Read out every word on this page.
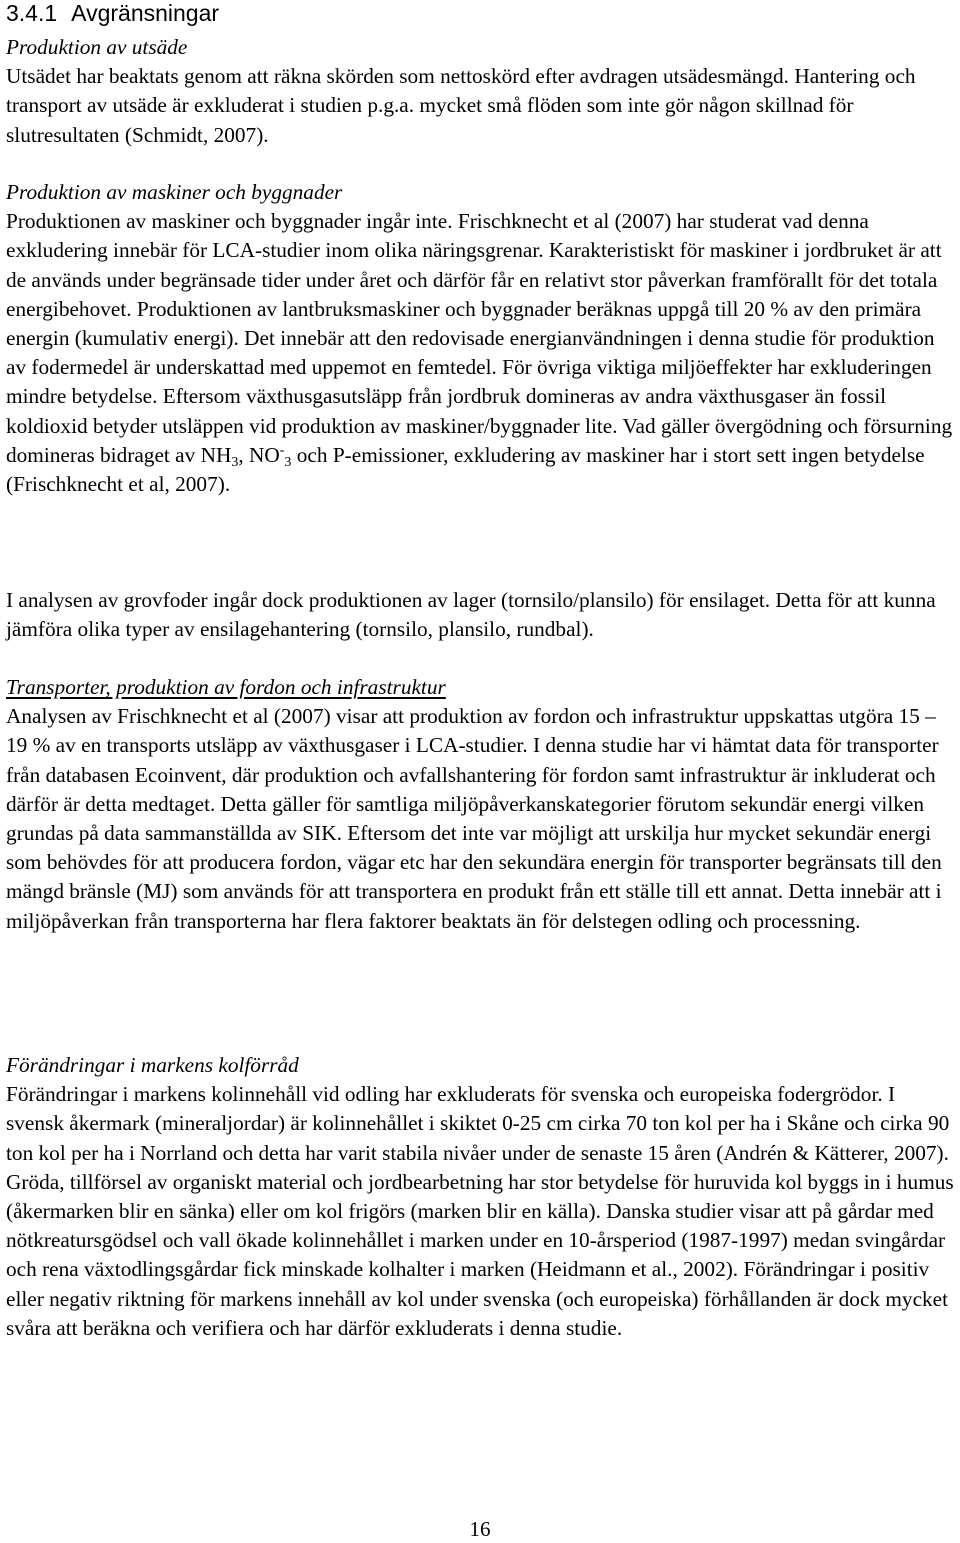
3.4.1 Avgränsningar
Produktion av utsäde

Utsädet har beaktats genom att räkna skörden som nettoskörd efter avdragen utsädesmängd. Hantering och transport av utsäde är exkluderat i studien p.g.a. mycket små flöden som inte gör någon skillnad för slutresultaten (Schmidt, 2007).

Produktion av maskiner och byggnader

Produktionen av maskiner och byggnader ingår inte. Frischknecht et al (2007) har studerat vad denna exkludering innebär för LCA-studier inom olika näringsgrenar. Karakteristiskt för maskiner i jordbruket är att de används under begränsade tider under året och därför får en relativt stor påverkan framförallt för det totala energibehovet. Produktionen av lantbruksmaskiner och byggnader beräknas uppgå till 20 % av den primära energin (kumulativ energi). Det innebär att den redovisade energianvändningen i denna studie för produktion av fodermedel är underskattad med uppemot en femtedel. För övriga viktiga miljöeffekter har exkluderingen mindre betydelse. Eftersom växthusgasutsläpp från jordbruk domineras av andra växthusgaser än fossil koldioxid betyder utsläppen vid produktion av maskiner/byggnader lite. Vad gäller övergödning och försurning domineras bidraget av $NH_3$, $NO^-_3$ och P-emissioner, exkludering av maskiner har i stort sett ingen betydelse (Frischknecht et al, 2007).

I analysen av grovfoder ingår dock produktionen av lager (tornsilo/plansilo) för ensilaget. Detta för att kunna jämföra olika typer av ensilagehantering (tornsilo, plansilo, rundbal).

Transporter, produktion av fordon och infrastruktur

Analysen av Frischknecht et al (2007) visar att produktion av fordon och infrastruktur uppskattas utgöra 15 – 19 % av en transports utsläpp av växthusgaser i LCA-studier. I denna studie har vi hämtat data för transporter från databasen Ecoinvent, där produktion och avfallshantering för fordon samt infrastruktur är inkluderat och därför är detta medtaget. Detta gäller för samtliga miljöpåverkanskategorier förutom sekundär energi vilken grundas på data sammanställda av SIK. Eftersom det inte var möjligt att urskilja hur mycket sekundär energi som behövdes för att producera fordon, vägar etc har den sekundära energin för transporter begränsats till den mängd bränsle (MJ) som används för att transportera en produkt från ett ställe till ett annat. Detta innebär att i miljöpåverkan från transporterna har flera faktorer beaktats än för delstegen odling och processning.

Förändringar i markens kolförråd

Förändringar i markens kolinnehåll vid odling har exkluderats för svenska och europeiska fodergrödor. I svensk åkermark (mineraljordar) är kolinnehållet i skiktet 0-25 cm cirka 70 ton kol per ha i Skåne och cirka 90 ton kol per ha i Norrland och detta har varit stabila nivåer under de senaste 15 åren (Andrén & Kätterer, 2007). Gröda, tillförsel av organiskt material och jordbearbetning har stor betydelse för huruvida kol byggs in i humus (åkermarken blir en sänka) eller om kol frigörs (marken blir en källa). Danska studier visar att på gårdar med nötkreatursgödsel och vall ökade kolinnehållet i marken under en 10-årsperiod (1987-1997) medan svingårdar och rena växtodlingsgårdar fick minskade kolhalter i marken (Heidmann et al., 2002). Förändringar i positiv eller negativ riktning för markens innehåll av kol under svenska (och europeiska) förhållanden är dock mycket svåra att beräkna och verifiera och har därför exkluderats i denna studie.

16
